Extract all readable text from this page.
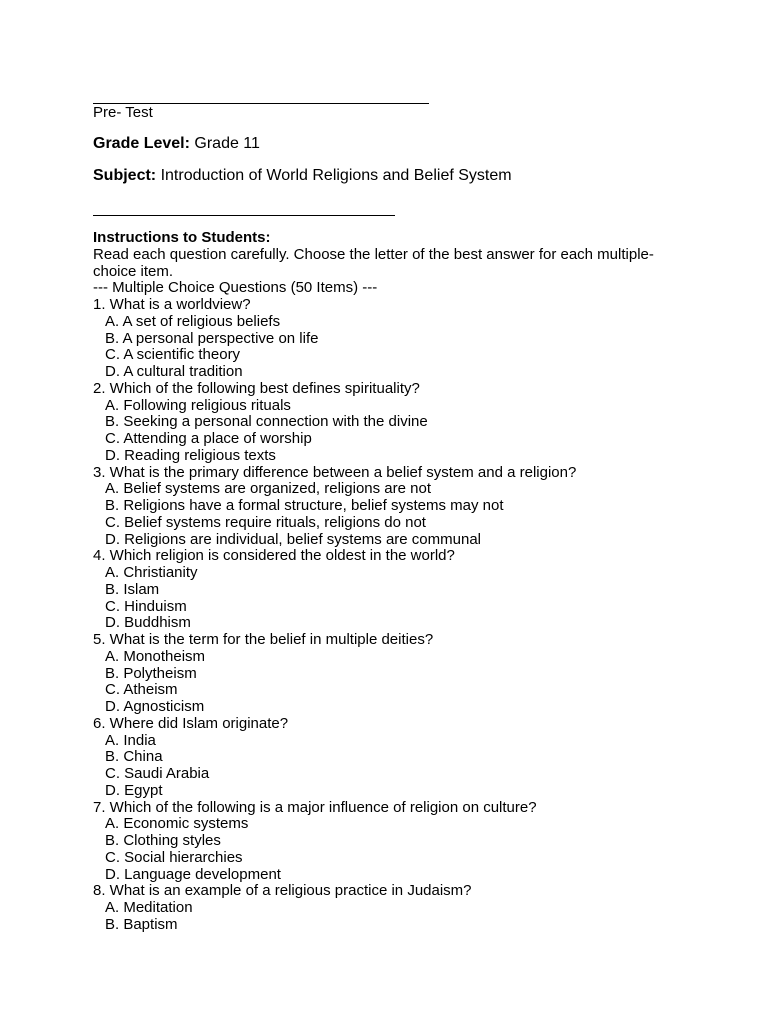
Pre- Test
Grade Level: Grade 11
Subject: Introduction of World Religions and Belief System
Instructions to Students:
Read each question carefully. Choose the letter of the best answer for each multiple-choice item.
--- Multiple Choice Questions (50 Items) ---
1. What is a worldview?
A. A set of religious beliefs
B. A personal perspective on life
C. A scientific theory
D. A cultural tradition
2. Which of the following best defines spirituality?
A. Following religious rituals
B. Seeking a personal connection with the divine
C. Attending a place of worship
D. Reading religious texts
3. What is the primary difference between a belief system and a religion?
A. Belief systems are organized, religions are not
B. Religions have a formal structure, belief systems may not
C. Belief systems require rituals, religions do not
D. Religions are individual, belief systems are communal
4. Which religion is considered the oldest in the world?
A. Christianity
B. Islam
C. Hinduism
D. Buddhism
5. What is the term for the belief in multiple deities?
A. Monotheism
B. Polytheism
C. Atheism
D. Agnosticism
6. Where did Islam originate?
A. India
B. China
C. Saudi Arabia
D. Egypt
7. Which of the following is a major influence of religion on culture?
A. Economic systems
B. Clothing styles
C. Social hierarchies
D. Language development
8. What is an example of a religious practice in Judaism?
A. Meditation
B. Baptism
